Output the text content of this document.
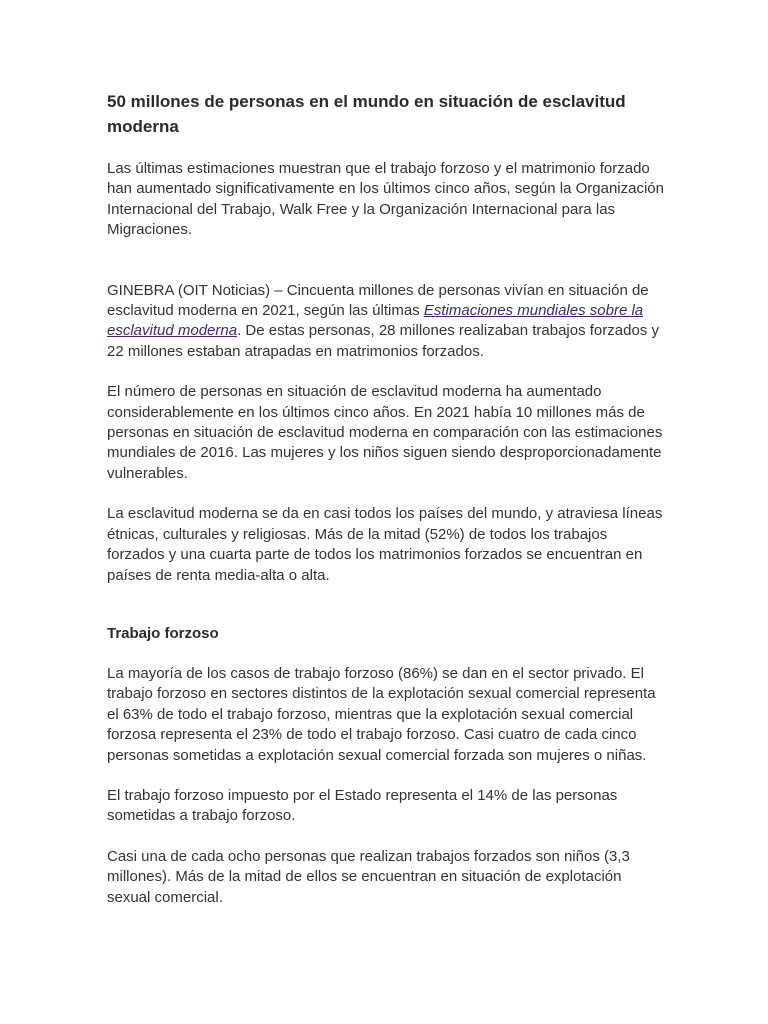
50 millones de personas en el mundo en situación de esclavitud moderna

Las últimas estimaciones muestran que el trabajo forzoso y el matrimonio forzado han aumentado significativamente en los últimos cinco años, según la Organización Internacional del Trabajo, Walk Free y la Organización Internacional para las Migraciones.

GINEBRA (OIT Noticias) – Cincuenta millones de personas vivían en situación de esclavitud moderna en 2021, según las últimas Estimaciones mundiales sobre la esclavitud moderna. De estas personas, 28 millones realizaban trabajos forzados y 22 millones estaban atrapadas en matrimonios forzados.

El número de personas en situación de esclavitud moderna ha aumentado considerablemente en los últimos cinco años. En 2021 había 10 millones más de personas en situación de esclavitud moderna en comparación con las estimaciones mundiales de 2016. Las mujeres y los niños siguen siendo desproporcionadamente vulnerables.

La esclavitud moderna se da en casi todos los países del mundo, y atraviesa líneas étnicas, culturales y religiosas. Más de la mitad (52%) de todos los trabajos forzados y una cuarta parte de todos los matrimonios forzados se encuentran en países de renta media-alta o alta.

Trabajo forzoso

La mayoría de los casos de trabajo forzoso (86%) se dan en el sector privado. El trabajo forzoso en sectores distintos de la explotación sexual comercial representa el 63% de todo el trabajo forzoso, mientras que la explotación sexual comercial forzosa representa el 23% de todo el trabajo forzoso. Casi cuatro de cada cinco personas sometidas a explotación sexual comercial forzada son mujeres o niñas.

El trabajo forzoso impuesto por el Estado representa el 14% de las personas sometidas a trabajo forzoso.

Casi una de cada ocho personas que realizan trabajos forzados son niños (3,3 millones). Más de la mitad de ellos se encuentran en situación de explotación sexual comercial.
